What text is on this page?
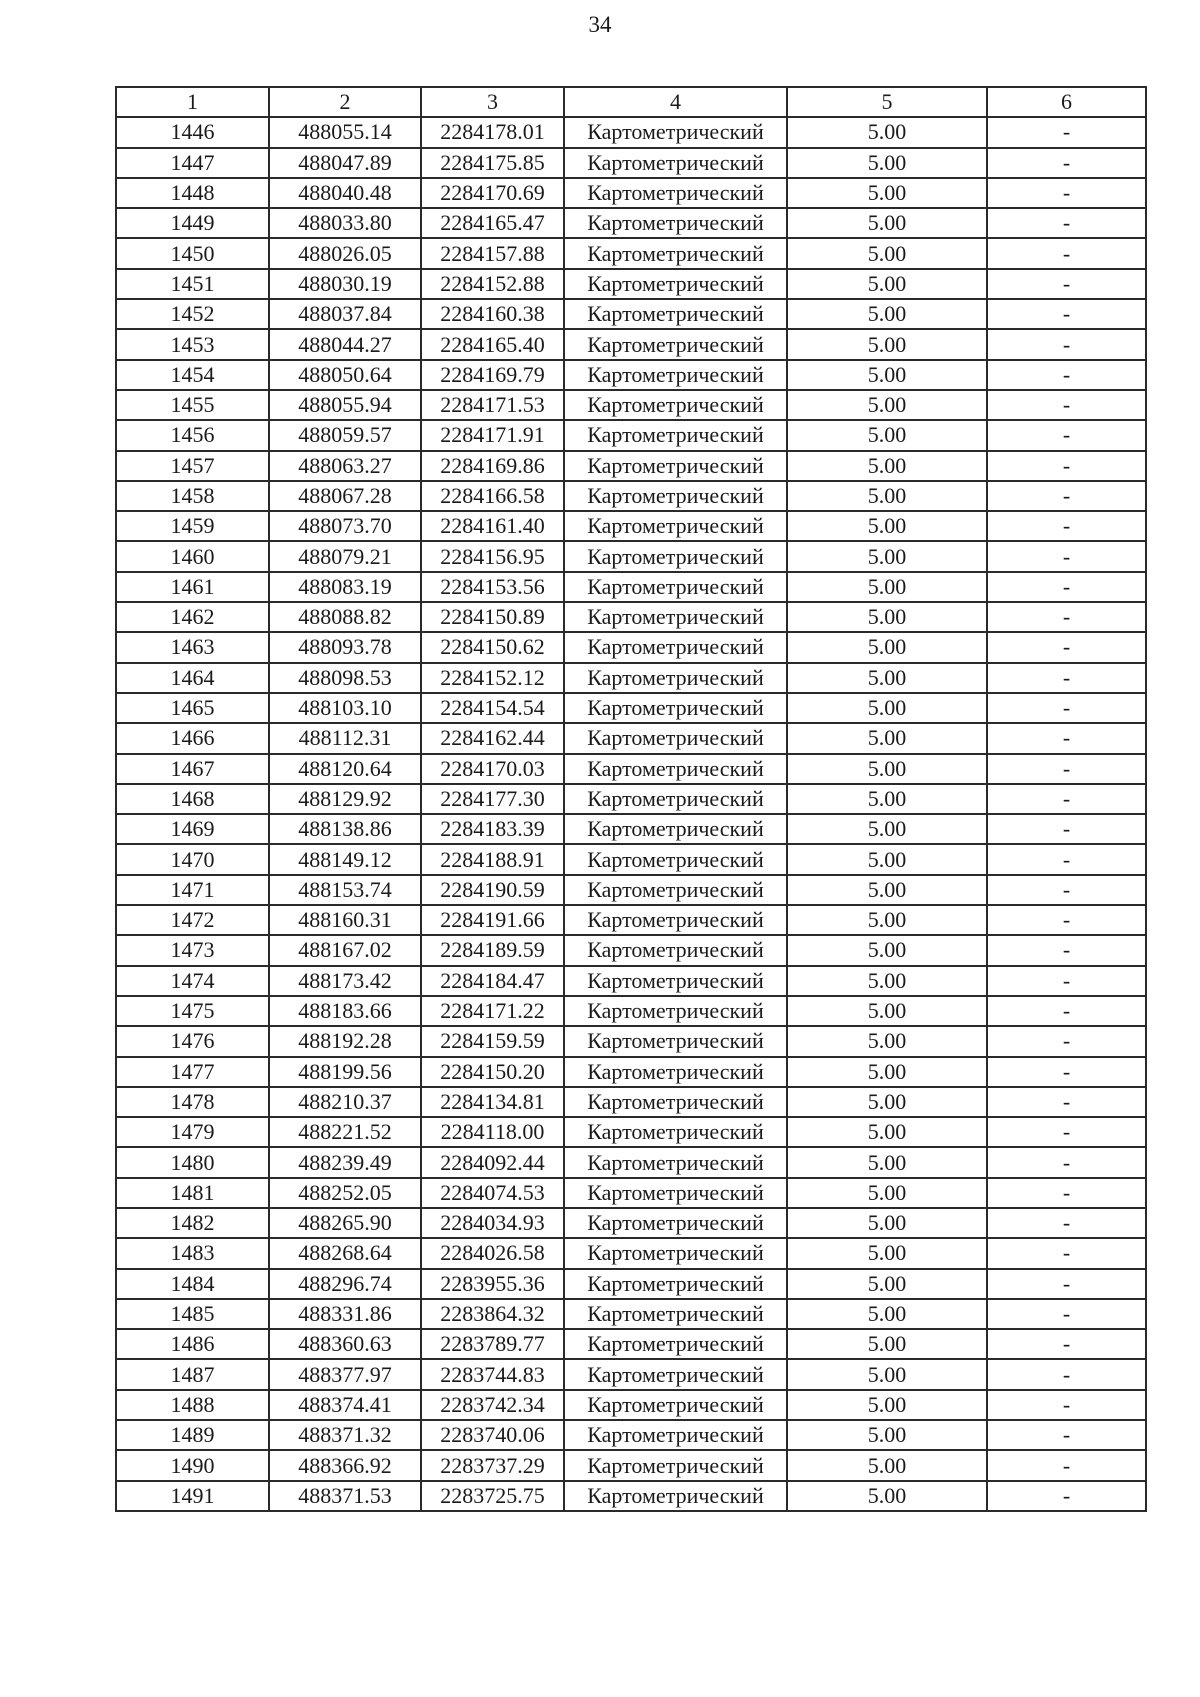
34
1	2	3	4	5	6
1446	488055.14	2284178.01	Картометрический	5.00	-
1447	488047.89	2284175.85	Картометрический	5.00	-
1448	488040.48	2284170.69	Картометрический	5.00	-
1449	488033.80	2284165.47	Картометрический	5.00	-
1450	488026.05	2284157.88	Картометрический	5.00	-
1451	488030.19	2284152.88	Картометрический	5.00	-
1452	488037.84	2284160.38	Картометрический	5.00	-
1453	488044.27	2284165.40	Картометрический	5.00	-
1454	488050.64	2284169.79	Картометрический	5.00	-
1455	488055.94	2284171.53	Картометрический	5.00	-
1456	488059.57	2284171.91	Картометрический	5.00	-
1457	488063.27	2284169.86	Картометрический	5.00	-
1458	488067.28	2284166.58	Картометрический	5.00	-
1459	488073.70	2284161.40	Картометрический	5.00	-
1460	488079.21	2284156.95	Картометрический	5.00	-
1461	488083.19	2284153.56	Картометрический	5.00	-
1462	488088.82	2284150.89	Картометрический	5.00	-
1463	488093.78	2284150.62	Картометрический	5.00	-
1464	488098.53	2284152.12	Картометрический	5.00	-
1465	488103.10	2284154.54	Картометрический	5.00	-
1466	488112.31	2284162.44	Картометрический	5.00	-
1467	488120.64	2284170.03	Картометрический	5.00	-
1468	488129.92	2284177.30	Картометрический	5.00	-
1469	488138.86	2284183.39	Картометрический	5.00	-
1470	488149.12	2284188.91	Картометрический	5.00	-
1471	488153.74	2284190.59	Картометрический	5.00	-
1472	488160.31	2284191.66	Картометрический	5.00	-
1473	488167.02	2284189.59	Картометрический	5.00	-
1474	488173.42	2284184.47	Картометрический	5.00	-
1475	488183.66	2284171.22	Картометрический	5.00	-
1476	488192.28	2284159.59	Картометрический	5.00	-
1477	488199.56	2284150.20	Картометрический	5.00	-
1478	488210.37	2284134.81	Картометрический	5.00	-
1479	488221.52	2284118.00	Картометрический	5.00	-
1480	488239.49	2284092.44	Картометрический	5.00	-
1481	488252.05	2284074.53	Картометрический	5.00	-
1482	488265.90	2284034.93	Картометрический	5.00	-
1483	488268.64	2284026.58	Картометрический	5.00	-
1484	488296.74	2283955.36	Картометрический	5.00	-
1485	488331.86	2283864.32	Картометрический	5.00	-
1486	488360.63	2283789.77	Картометрический	5.00	-
1487	488377.97	2283744.83	Картометрический	5.00	-
1488	488374.41	2283742.34	Картометрический	5.00	-
1489	488371.32	2283740.06	Картометрический	5.00	-
1490	488366.92	2283737.29	Картометрический	5.00	-
1491	488371.53	2283725.75	Картометрический	5.00	-
